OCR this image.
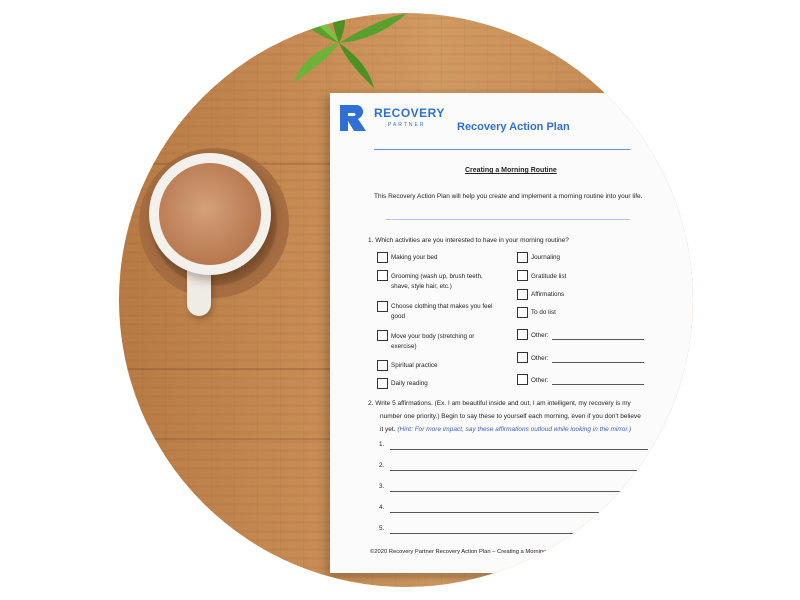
RECOVERY
PARTNER	Recovery Action Plan
Creating a Morning Routine
This Recovery Action Plan will help you create and implement a morning routine into your life.
1. Which activities are you interested to have in your morning routine?
Making your bed
Grooming (wash up, brush teeth,
shave, style hair, etc.)
Choose clothing that makes you feel
good
Move your body (stretching or
exercise)
Spiritual practice
Daily reading
Journaling
Gratitude list
Affirmations
To do list
Other:
Other:
Other:
2. Write 5 affirmations. (Ex. I am beautiful inside and out, I am intelligent, my recovery is my
number one priority.) Begin to say these to yourself each morning, even if you don't believe
it yet. (Hint: For more impact, say these affirmations outloud while looking in the mirror.)
1.
2.
3.
4.
5.
©2020 Recovery Partner Recovery Action Plan – Creating a Morning Routine
